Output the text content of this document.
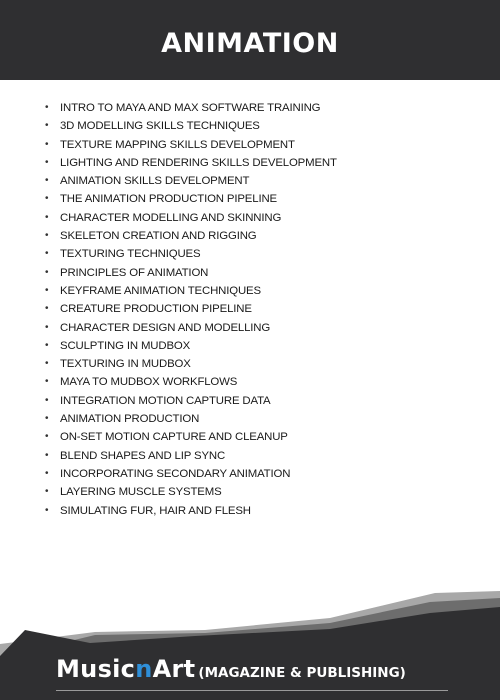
ANIMATION
• INTRO TO MAYA AND MAX SOFTWARE TRAINING
• 3D MODELLING SKILLS TECHNIQUES
• TEXTURE MAPPING SKILLS DEVELOPMENT
• LIGHTING AND RENDERING SKILLS DEVELOPMENT
• ANIMATION SKILLS DEVELOPMENT
• THE ANIMATION PRODUCTION PIPELINE
• CHARACTER MODELLING AND SKINNING
• SKELETON CREATION AND RIGGING
• TEXTURING TECHNIQUES
• PRINCIPLES OF ANIMATION
• KEYFRAME ANIMATION TECHNIQUES
• CREATURE PRODUCTION PIPELINE
• CHARACTER DESIGN AND MODELLING
• SCULPTING IN MUDBOX
• TEXTURING IN MUDBOX
• MAYA TO MUDBOX WORKFLOWS
• INTEGRATION MOTION CAPTURE DATA
• ANIMATION PRODUCTION
• ON-SET MOTION CAPTURE AND CLEANUP
• BLEND SHAPES AND LIP SYNC
• INCORPORATING SECONDARY ANIMATION
• LAYERING MUSCLE SYSTEMS
• SIMULATING FUR, HAIR AND FLESH
MusicnArt (MAGAZINE & PUBLISHING)
